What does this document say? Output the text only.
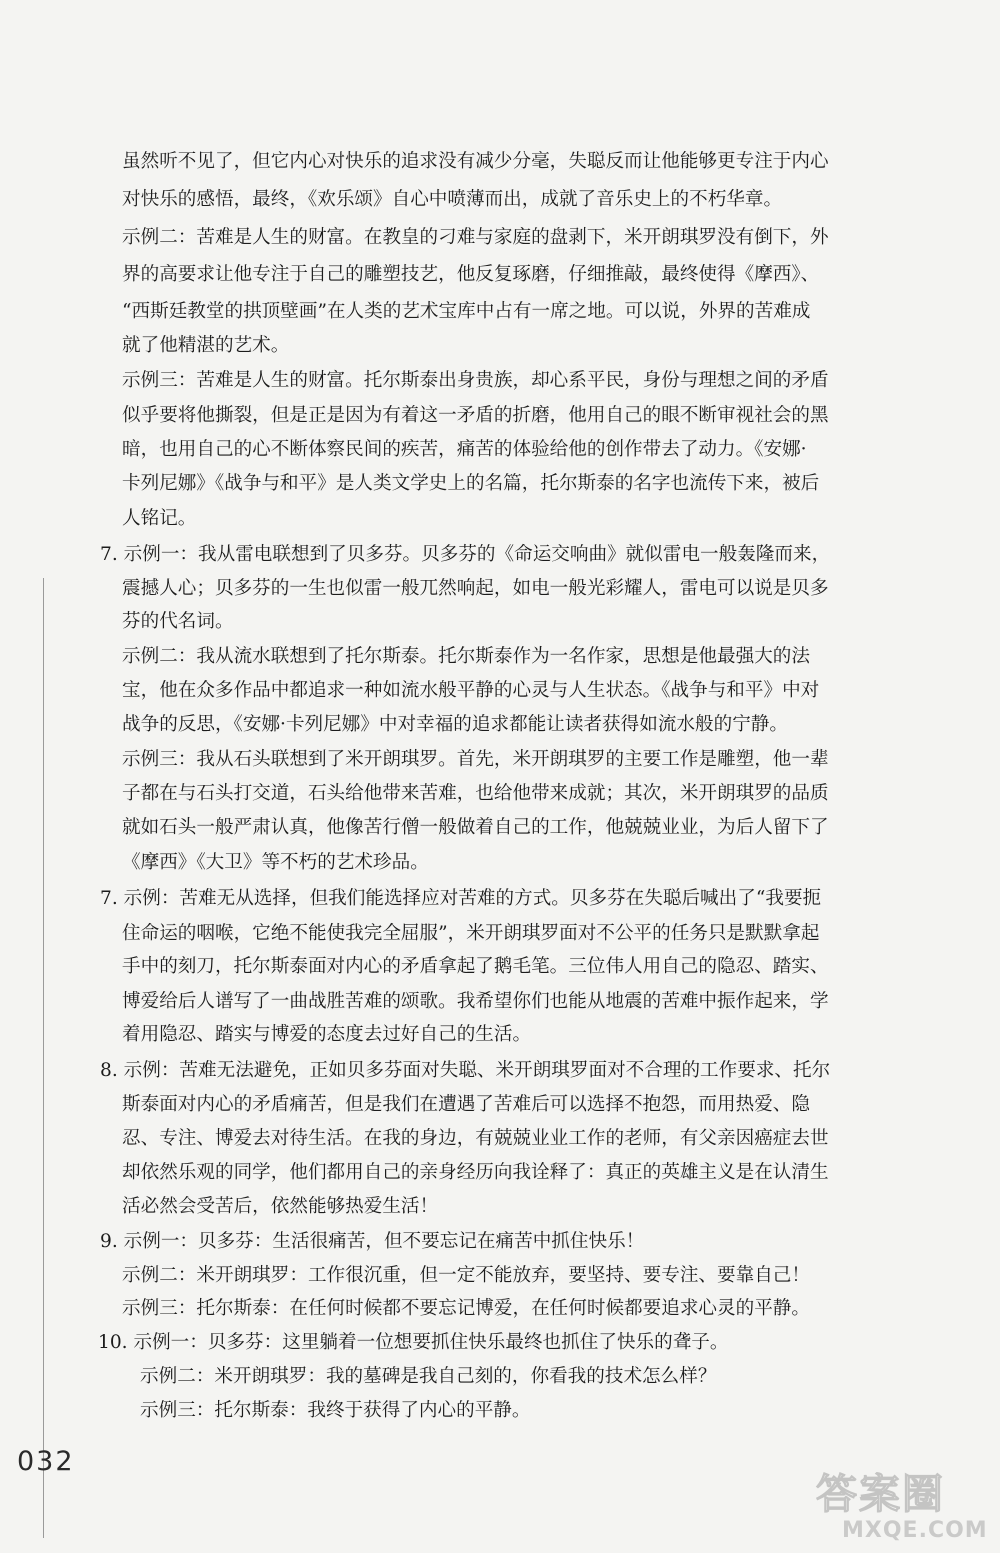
虽然听不见了，但它内心对快乐的追求没有减少分毫，失聪反而让他能够更专注于内心

对快乐的感悟，最终，《欢乐颂》自心中喷薄而出，成就了音乐史上的不朽华章。

示例二：苦难是人生的财富。在教皇的刁难与家庭的盘剥下，米开朗琪罗没有倒下，外

界的高要求让他专注于自己的雕塑技艺，他反复琢磨，仔细推敲，最终使得《摩西》、

“西斯廷教堂的拱顶壁画”在人类的艺术宝库中占有一席之地。可以说，外界的苦难成

就了他精湛的艺术。

示例三：苦难是人生的财富。托尔斯泰出身贵族，却心系平民，身份与理想之间的矛盾

似乎要将他撕裂，但是正是因为有着这一矛盾的折磨，他用自己的眼不断审视社会的黑

暗，也用自己的心不断体察民间的疾苦，痛苦的体验给他的创作带去了动力。《安娜·

卡列尼娜》《战争与和平》是人类文学史上的名篇，托尔斯泰的名字也流传下来，被后

人铭记。

7. 示例一：我从雷电联想到了贝多芬。贝多芬的《命运交响曲》就似雷电一般轰隆而来，

震撼人心；贝多芬的一生也似雷一般兀然响起，如电一般光彩耀人，雷电可以说是贝多

芬的代名词。

示例二：我从流水联想到了托尔斯泰。托尔斯泰作为一名作家，思想是他最强大的法

宝，他在众多作品中都追求一种如流水般平静的心灵与人生状态。《战争与和平》中对

战争的反思，《安娜·卡列尼娜》中对幸福的追求都能让读者获得如流水般的宁静。

示例三：我从石头联想到了米开朗琪罗。首先，米开朗琪罗的主要工作是雕塑，他一辈

子都在与石头打交道，石头给他带来苦难，也给他带来成就；其次，米开朗琪罗的品质

就如石头一般严肃认真，他像苦行僧一般做着自己的工作，他兢兢业业，为后人留下了

《摩西》《大卫》等不朽的艺术珍品。

7. 示例：苦难无从选择，但我们能选择应对苦难的方式。贝多芬在失聪后喊出了“我要扼

住命运的咽喉，它绝不能使我完全屈服”，米开朗琪罗面对不公平的任务只是默默拿起

手中的刻刀，托尔斯泰面对内心的矛盾拿起了鹅毛笔。三位伟人用自己的隐忍、踏实、

博爱给后人谱写了一曲战胜苦难的颂歌。我希望你们也能从地震的苦难中振作起来，学

着用隐忍、踏实与博爱的态度去过好自己的生活。

8. 示例：苦难无法避免，正如贝多芬面对失聪、米开朗琪罗面对不合理的工作要求、托尔

斯泰面对内心的矛盾痛苦，但是我们在遭遇了苦难后可以选择不抱怨，而用热爱、隐

忍、专注、博爱去对待生活。在我的身边，有兢兢业业工作的老师，有父亲因癌症去世

却依然乐观的同学，他们都用自己的亲身经历向我诠释了：真正的英雄主义是在认清生

活必然会受苦后，依然能够热爱生活！

9. 示例一：贝多芬：生活很痛苦，但不要忘记在痛苦中抓住快乐！

示例二：米开朗琪罗：工作很沉重，但一定不能放弃，要坚持、要专注、要靠自己！

示例三：托尔斯泰：在任何时候都不要忘记博爱，在任何时候都要追求心灵的平静。

10. 示例一：贝多芬：这里躺着一位想要抓住快乐最终也抓住了快乐的聋子。

示例二：米开朗琪罗：我的墓碑是我自己刻的，你看我的技术怎么样？

示例三：托尔斯泰：我终于获得了内心的平静。

032
答案圈
MXQE.COM
